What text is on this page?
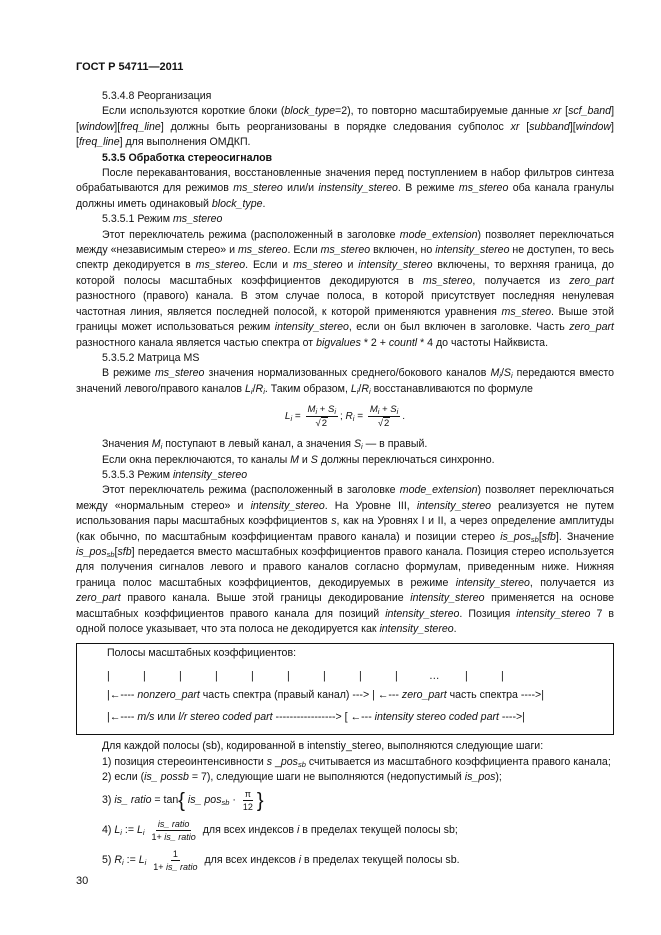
ГОСТ Р 54711—2011
5.3.4.8 Реорганизация

Если используются короткие блоки (block_type=2), то повторно масштабируемые данные xr [scf_band][window][freq_line] должны быть реорганизованы в порядке следования субполос xr [subband][window][freq_line] для выполнения ОМДКП.

5.3.5 Обработка стереосигналов

После перекавантования, восстановленные значения перед поступлением в набор фильтров синтеза обрабатываются для режимов ms_stereo или/и instensity_stereo. В режиме ms_stereo оба канала гранулы должны иметь одинаковый block_type.

5.3.5.1 Режим ms_stereo

Этот переключатель режима (расположенный в заголовке mode_extension) позволяет переключаться между «независимым стерео» и ms_stereo. Если ms_stereo включен, но intensity_stereo не доступен, то весь спектр декодируется в ms_stereo. Если и ms_stereo и intensity_stereo включены, то верхняя граница, до которой полосы масштабных коэффициентов декодируются в ms_stereo, получается из zero_part разностного (правого) канала. В этом случае полоса, в которой присутствует последняя ненулевая частотная линия, является последней полосой, к которой применяются уравнения ms_stereo. Выше этой границы может использоваться режим intensity_stereo, если он был включен в заголовке. Часть zero_part разностного канала является частью спектра от bigvalues * 2 + countl * 4 до частоты Найквиста.

5.3.5.2 Матрица MS

В режиме ms_stereo значения нормализованных среднего/бокового каналов $M_i/S_i$ передаются вместо значений левого/правого каналов $L_i/R_i$. Таким образом, $L_i/R_i$ восстанавливаются по формуле

$L_i = \frac{M_i + S_i}{√2}$ ; $R_i = \frac{M_i + S_i}{√2}$ .

Значения $M_i$ поступают в левый канал, а значения $S_i$ — в правый.

Если окна переключаются, то каналы M и S должны переключаться синхронно.

5.3.5.3 Режим intensity_stereo

Этот переключатель режима (расположенный в заголовке mode_extension) позволяет переключаться между «нормальным стерео» и intensity_stereo. На Уровне III, intensity_stereo реализуется не путем использования пары масштабных коэффициентов s, как на Уровнях I и II, а через определение амплитуды (как обычно, по масштабным коэффициентам правого канала) и позиции стерео is_pos$_{sb}$[sfb]. Значение is_pos$_{sb}$[sfb] передается вместо масштабных коэффициентов правого канала. Позиция стерео используется для получения сигналов левого и правого каналов согласно формулам, приведенным ниже. Нижняя граница полос масштабных коэффициентов, декодируемых в режиме intensity_stereo, получается из zero_part правого канала. Выше этой границы декодирование intensity_stereo применяется на основе масштабных коэффициентов правого канала для позиций intensity_stereo. Позиция intensity_stereo 7 в одной полосе указывает, что эта полоса не декодируется как intensity_stereo.

Полосы масштабных коэффициентов:
|	|	|	|	|	|	|	|	|	… |	|
|←---- nonzero_part часть спектра (правый канал) ---> | ←--- zero_part часть спектра ---->|
|←---- m/s или l/r stereo coded part -----------------> [ ←--- intensity stereo coded part ---->|

Для каждой полосы (sb), кодированной в intenstiy_stereo, выполняются следующие шаги:

1) позиция стереоинтенсивности s _pos$_{sb}$ считывается из масштабного коэффициента правого канала;

2) если (is_ possb = 7), следующие шаги не выполняются (недопустимый is_pos);

3) is_ ratio = tan {
is_ $pos_{sb} \cdot \frac{\pi}{12}$ }
4) $L_i$ := $L_i$
$\frac{\text{is\_ ratio}}{\text{1+ is\_ ratio}}$
для всех индексов i в пределах текущей полосы sb;
5) $R_i$ := $L_i$
$\frac{1}{\text{1+ is\_ ratio}}$
для всех индексов i в пределах текущей полосы sb.
30
